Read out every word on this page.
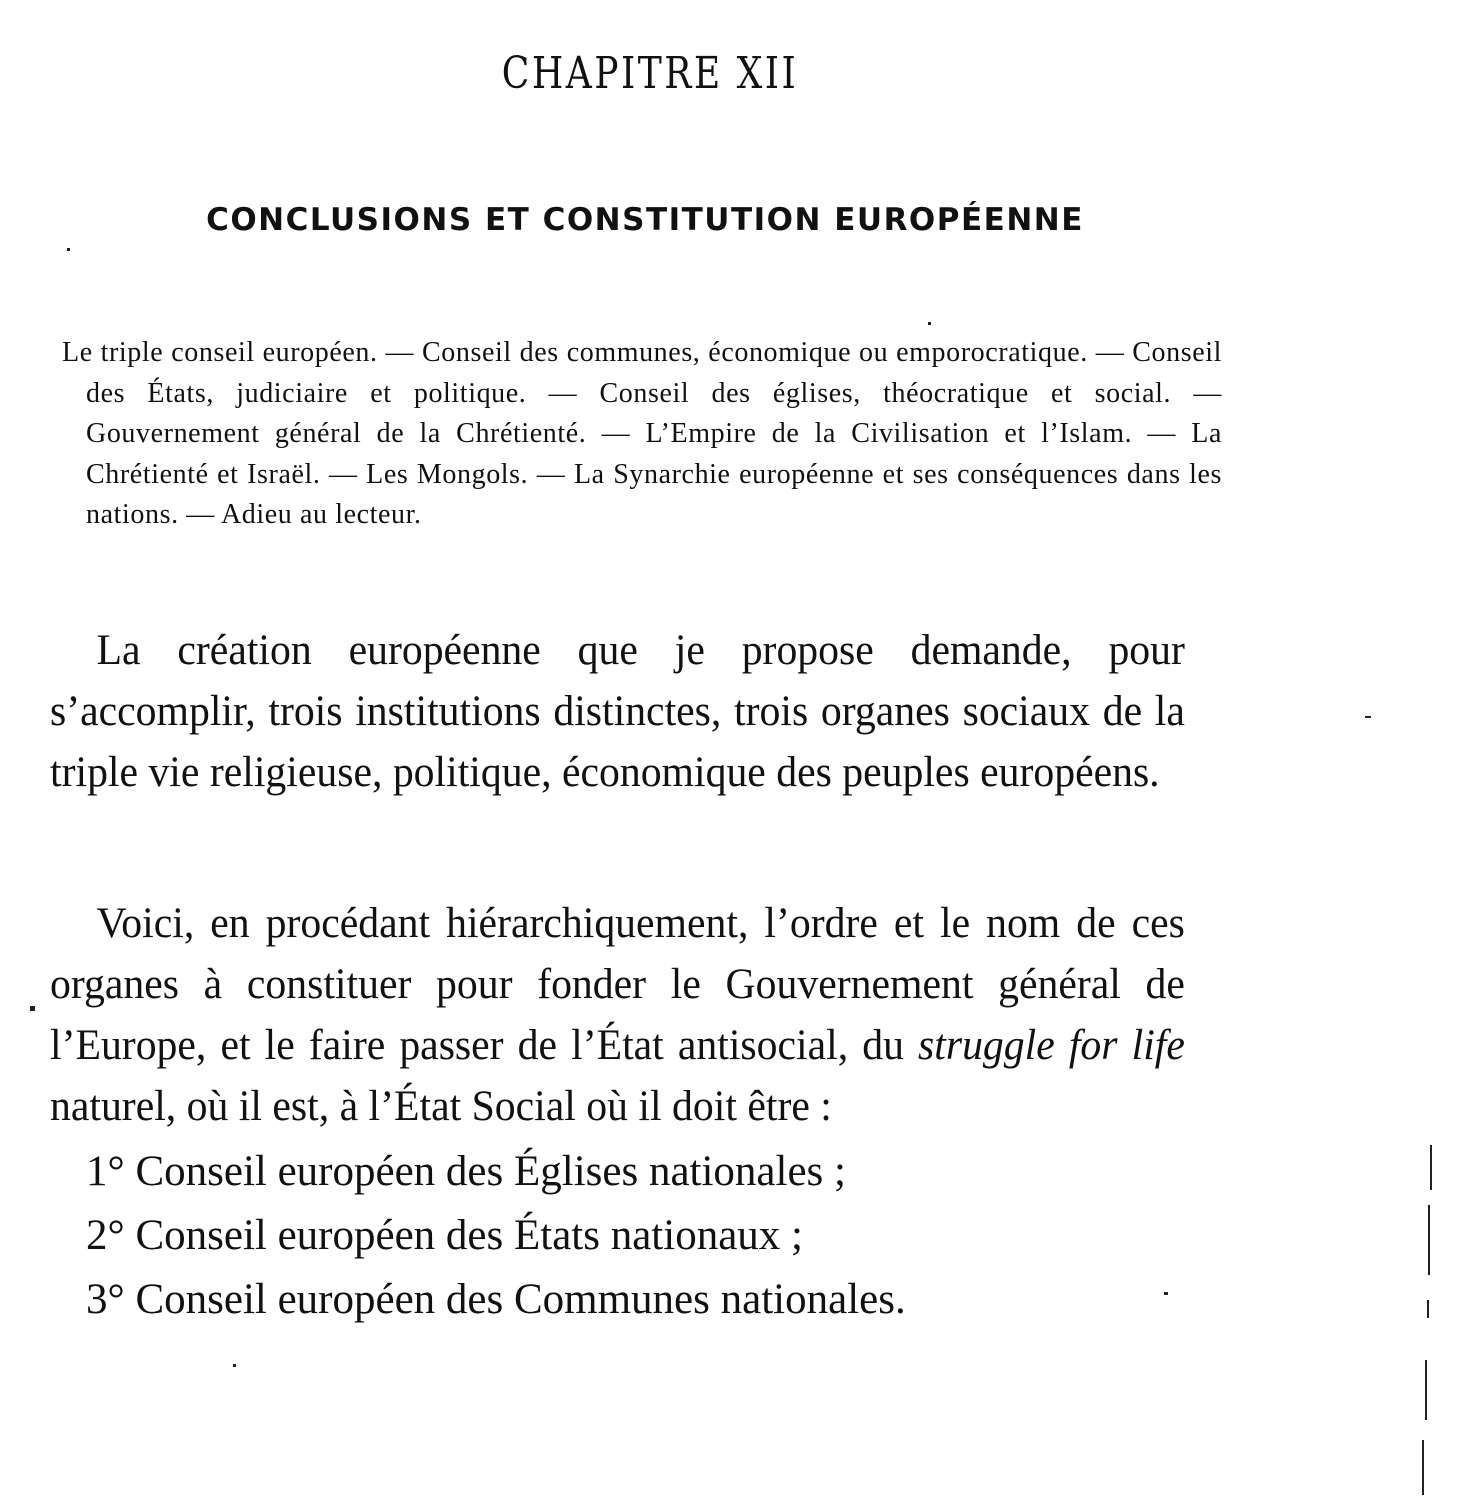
CHAPITRE XII
CONCLUSIONS ET CONSTITUTION EUROPÉENNE
Le triple conseil européen. — Conseil des communes, économique ou emporocratique. — Conseil des États, judiciaire et politique. — Conseil des églises, théocratique et social. — Gouvernement général de la Chrétienté. — L’Empire de la Civilisation et l’Islam. — La Chrétienté et Israël. — Les Mongols. — La Synarchie européenne et ses conséquences dans les nations. — Adieu au lecteur.
La création européenne que je propose demande, pour s’accomplir, trois institutions distinctes, trois organes sociaux de la triple vie religieuse, politique, économique des peuples européens.
Voici, en procédant hiérarchiquement, l’ordre et le nom de ces organes à constituer pour fonder le Gouvernement général de l’Europe, et le faire passer de l’État antisocial, du struggle for life naturel, où il est, à l’État Social où il doit être :
1° Conseil européen des Églises nationales ;
2° Conseil européen des États nationaux ;
3° Conseil européen des Communes nationales.
